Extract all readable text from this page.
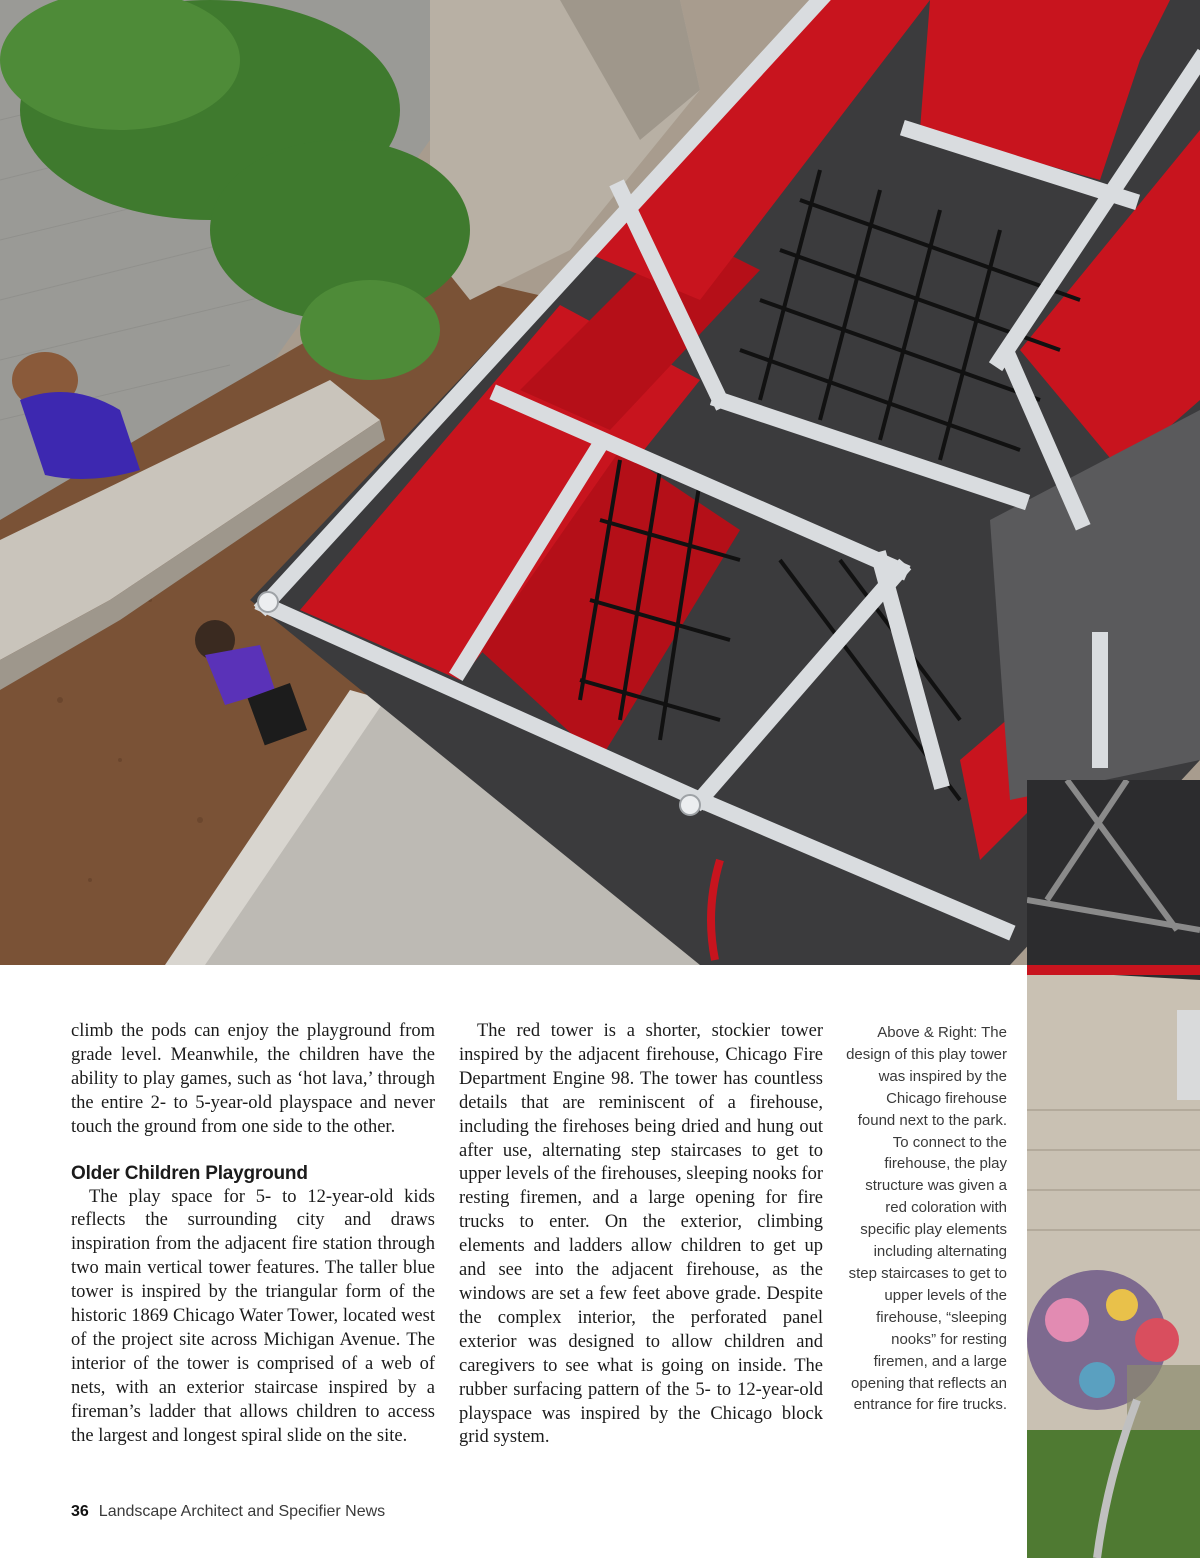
climb the pods can enjoy the playground from grade level. Meanwhile, the children have the ability to play games, such as ‘hot lava,’ through the entire 2- to 5-year-old playspace and never touch the ground from one side to the other.

Older Children Playground

The play space for 5- to 12-year-old kids reflects the surrounding city and draws inspiration from the adjacent fire station through two main vertical tower features. The taller blue tower is inspired by the triangular form of the historic 1869 Chicago Water Tower, located west of the project site across Michigan Avenue. The interior of the tower is comprised of a web of nets, with an exterior staircase inspired by a fireman’s ladder that allows children to access the largest and longest spiral slide on the site.

The red tower is a shorter, stockier tower inspired by the adjacent firehouse, Chicago Fire Department Engine 98. The tower has countless details that are reminiscent of a firehouse, including the firehoses being dried and hung out after use, alternating step staircases to get to upper levels of the firehouses, sleeping nooks for resting firemen, and a large opening for fire trucks to enter. On the exterior, climbing elements and ladders allow children to get up and see into the adjacent firehouse, as the windows are set a few feet above grade. Despite the complex interior, the perforated panel exterior was designed to allow children and caregivers to see what is going on inside. The rubber surfacing pattern of the 5- to 12-year-old playspace was inspired by the Chicago block grid system.

Above & Right: The design of this play tower was inspired by the Chicago firehouse found next to the park. To connect to the firehouse, the play structure was given a red coloration with specific play elements including alternating step staircases to get to upper levels of the firehouse, “sleeping nooks” for resting firemen, and a large opening that reflects an entrance for fire trucks.
36 Landscape Architect and Specifier News
